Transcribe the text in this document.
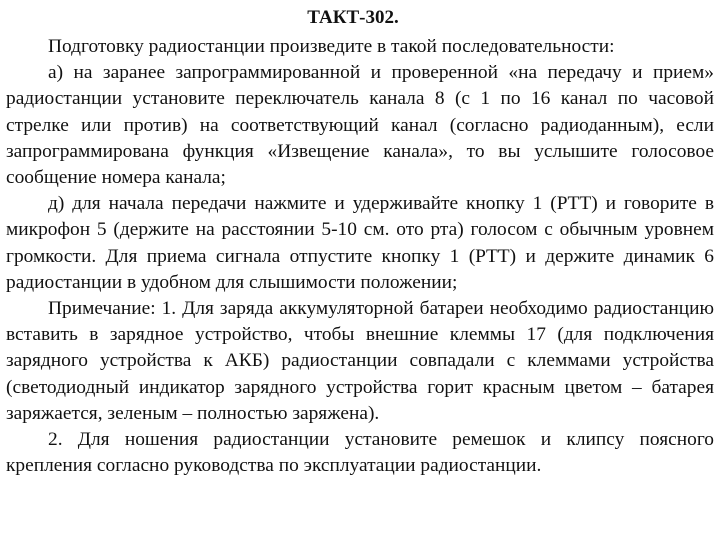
ТАКТ-302.

Подготовку радиостанции произведите в такой последовательности:

а) на заранее запрограммированной и проверенной «на передачу и прием» радиостанции установите переключатель канала 8 (с 1 по 16 канал по часовой стрелке или против) на соответствующий канал (согласно радиоданным), если запрограммирована функция «Извещение канала», то вы услышите голосовое сообщение номера канала;

д) для начала передачи нажмите и удерживайте кнопку 1 (PTT) и говорите в микрофон 5 (держите на расстоянии 5-10 см. ото рта) голосом с обычным уровнем громкости. Для приема сигнала отпустите кнопку 1 (PTT) и держите динамик 6 радиостанции в удобном для слышимости положении;

Примечание: 1. Для заряда аккумуляторной батареи необходимо радиостанцию вставить в зарядное устройство, чтобы внешние клеммы 17 (для подключения зарядного устройства к АКБ) радиостанции совпадали с клеммами устройства (светодиодный индикатор зарядного устройства горит красным цветом – батарея заряжается, зеленым – полностью заряжена).

2. Для ношения радиостанции установите ремешок и клипсу поясного крепления согласно руководства по эксплуатации радиостанции.
